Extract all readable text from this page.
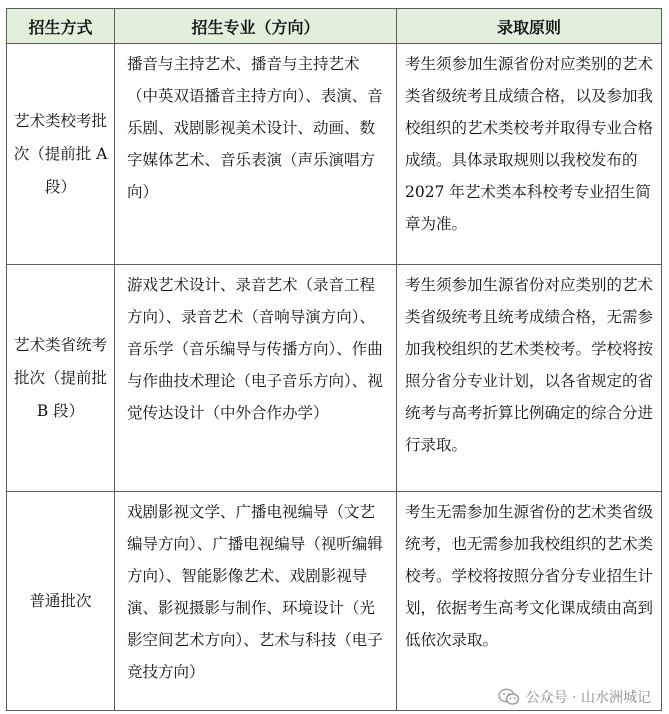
招生方式	招生专业（方向）	录取原则
艺术类校考批次（提前批 A 段）	播音与主持艺术、播音与主持艺术（中英双语播音主持方向）、表演、音乐剧、戏剧影视美术设计、动画、数字媒体艺术、音乐表演（声乐演唱方向）	考生须参加生源省份对应类别的艺术类省级统考且成绩合格，以及参加我校组织的艺术类校考并取得专业合格成绩。具体录取规则以我校发布的 2027 年艺术类本科校考专业招生简章为准。
艺术类省统考批次（提前批 B 段）	游戏艺术设计、录音艺术（录音工程方向）、录音艺术（音响导演方向）、音乐学（音乐编导与传播方向）、作曲与作曲技术理论（电子音乐方向）、视觉传达设计（中外合作办学）	考生须参加生源省份对应类别的艺术类省级统考且统考成绩合格，无需参加我校组织的艺术类校考。学校将按照分省分专业计划，以各省规定的省统考与高考折算比例确定的综合分进行录取。
普通批次	戏剧影视文学、广播电视编导（文艺编导方向）、广播电视编导（视听编辑方向）、智能影像艺术、戏剧影视导演、影视摄影与制作、环境设计（光影空间艺术方向）、艺术与科技（电子竞技方向）	考生无需参加生源省份的艺术类省级统考，也无需参加我校组织的艺术类校考。学校将按照分省分专业招生计划，依据考生高考文化课成绩由高到低依次录取。
公众号 · 山水洲城记
